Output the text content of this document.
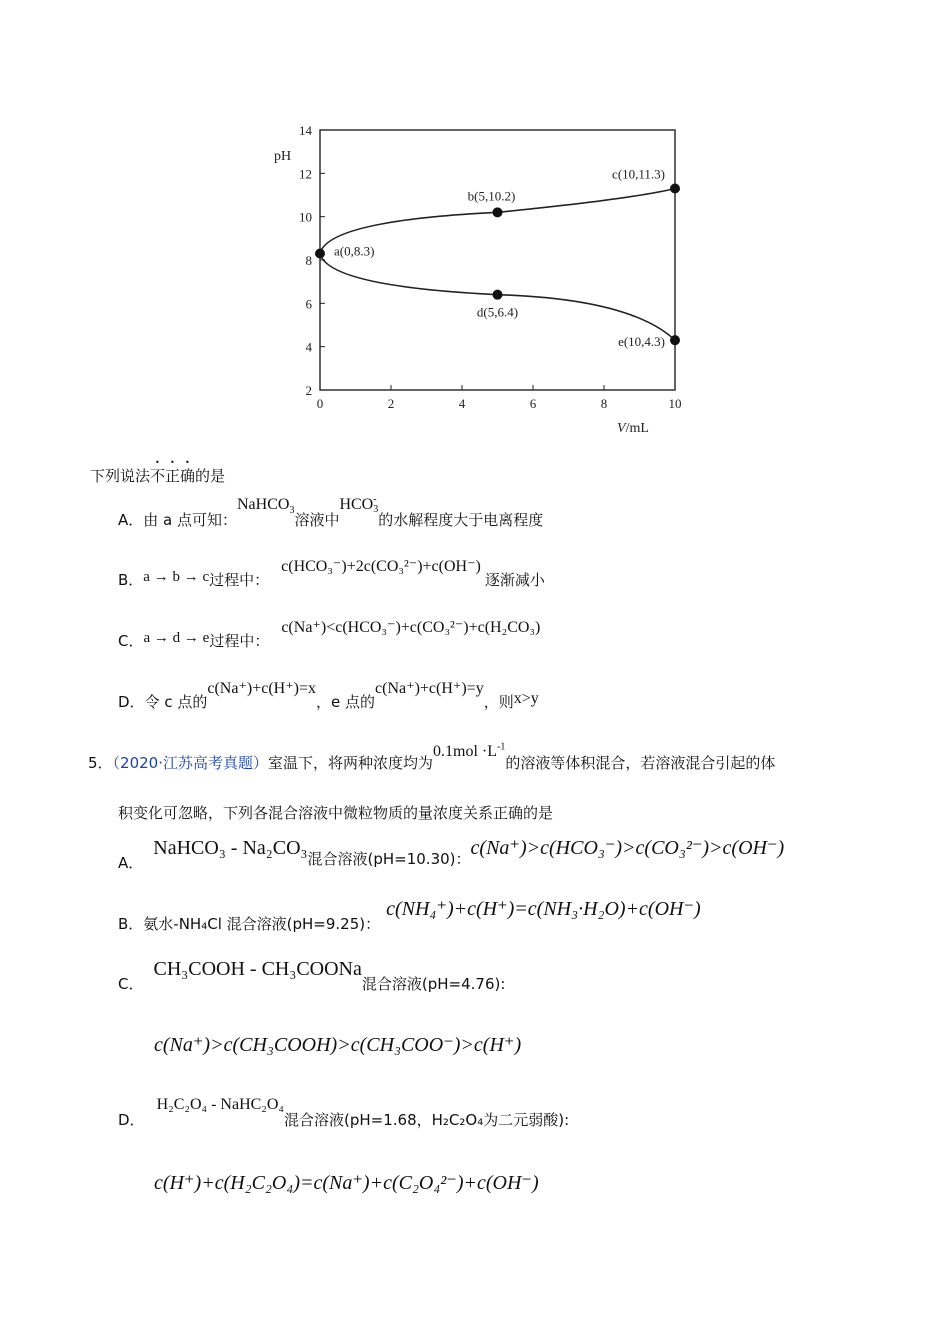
0	2	4	6	8	10
2
4
6
8
10
12
14
pH
V/mL
a(0,8.3)
b(5,10.2)
c(10,11.3)
d(5,6.4)
e(10,4.3)
下列说法不正确的是
A．由 a 点可知：NaHCO$_3$溶液中HCO -
3
的水解程度大于电离程度
B．a → b → c过程中：c(HCO₃⁻)+2c(CO₃²⁻)+c(OH⁻)逐渐减小
C．a → d → e过程中：c(Na⁺)<c(HCO₃⁻)+c(CO₃²⁻)+c(H₂CO₃)
D．令 c 点的c(Na⁺)+c(H⁺)=x，e 点的c(Na⁺)+c(H⁺)=y，则x>y
5．（2020·江苏高考真题）室温下，将两种浓度均为$0.1mol \cdot L^{-1}$的溶液等体积混合，若溶液混合引起的体
积变化可忽略，下列各混合溶液中微粒物质的量浓度关系正确的是
A．NaHCO₃ - Na₂CO₃混合溶液(pH=10.30)：c(Na⁺)>c(HCO₃⁻)>c(CO₃²⁻)>c(OH⁻)
B．氨水-NH₄Cl 混合溶液(pH=9.25)：c(NH₄⁺)+c(H⁺)=c(NH₃·H₂O)+c(OH⁻)
C．CH₃COOH - CH₃COONa混合溶液(pH=4.76):
c(Na⁺)>c(CH₃COOH)>c(CH₃COO⁻)>c(H⁺)
D．H₂C₂O₄ - NaHC₂O₄混合溶液(pH=1.68，H₂C₂O₄为二元弱酸):
c(H⁺)+c(H₂C₂O₄)=c(Na⁺)+c(C₂O₄²⁻)+c(OH⁻)
